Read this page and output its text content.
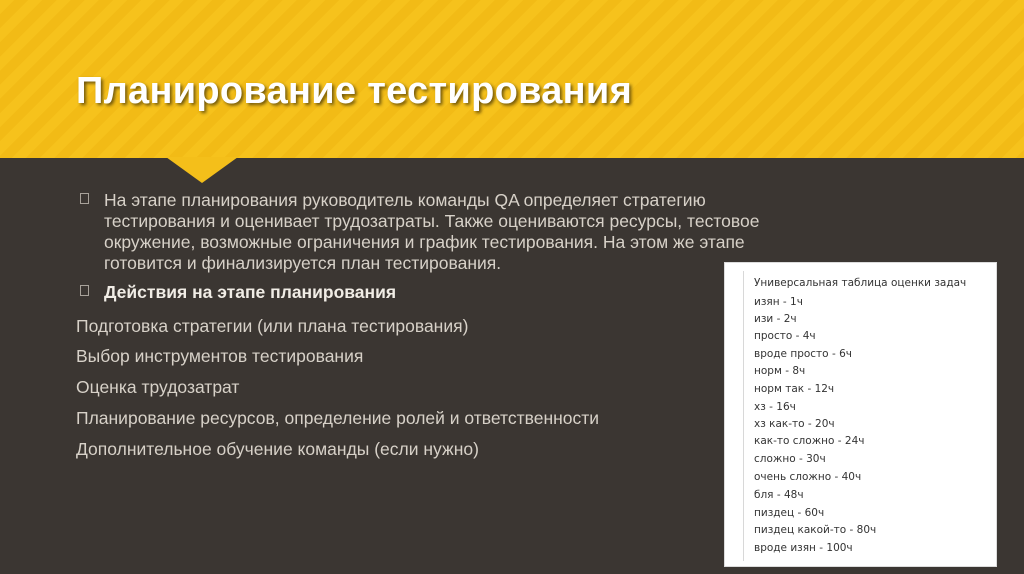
Планирование тестирования
На этапе планирования руководитель команды QA определяет стратегию
тестирования и оценивает трудозатраты. Также оцениваются ресурсы, тестовое
окружение, возможные ограничения и график тестирования. На этом же этапе
готовится и финализируется план тестирования.
Действия на этапе планирования
Подготовка стратегии (или плана тестирования)
Выбор инструментов тестирования
Оценка трудозатрат
Планирование ресурсов, определение ролей и ответственности
Дополнительное обучение команды (если нужно)
Универсальная таблица оценки задач
изян - 1ч
изи - 2ч
просто - 4ч
вроде просто - 6ч
норм - 8ч
норм так - 12ч
хз - 16ч
хз как-то - 20ч
как-то сложно - 24ч
сложно - 30ч
очень сложно - 40ч
бля - 48ч
пиздец - 60ч
пиздец какой-то - 80ч
вроде изян - 100ч
